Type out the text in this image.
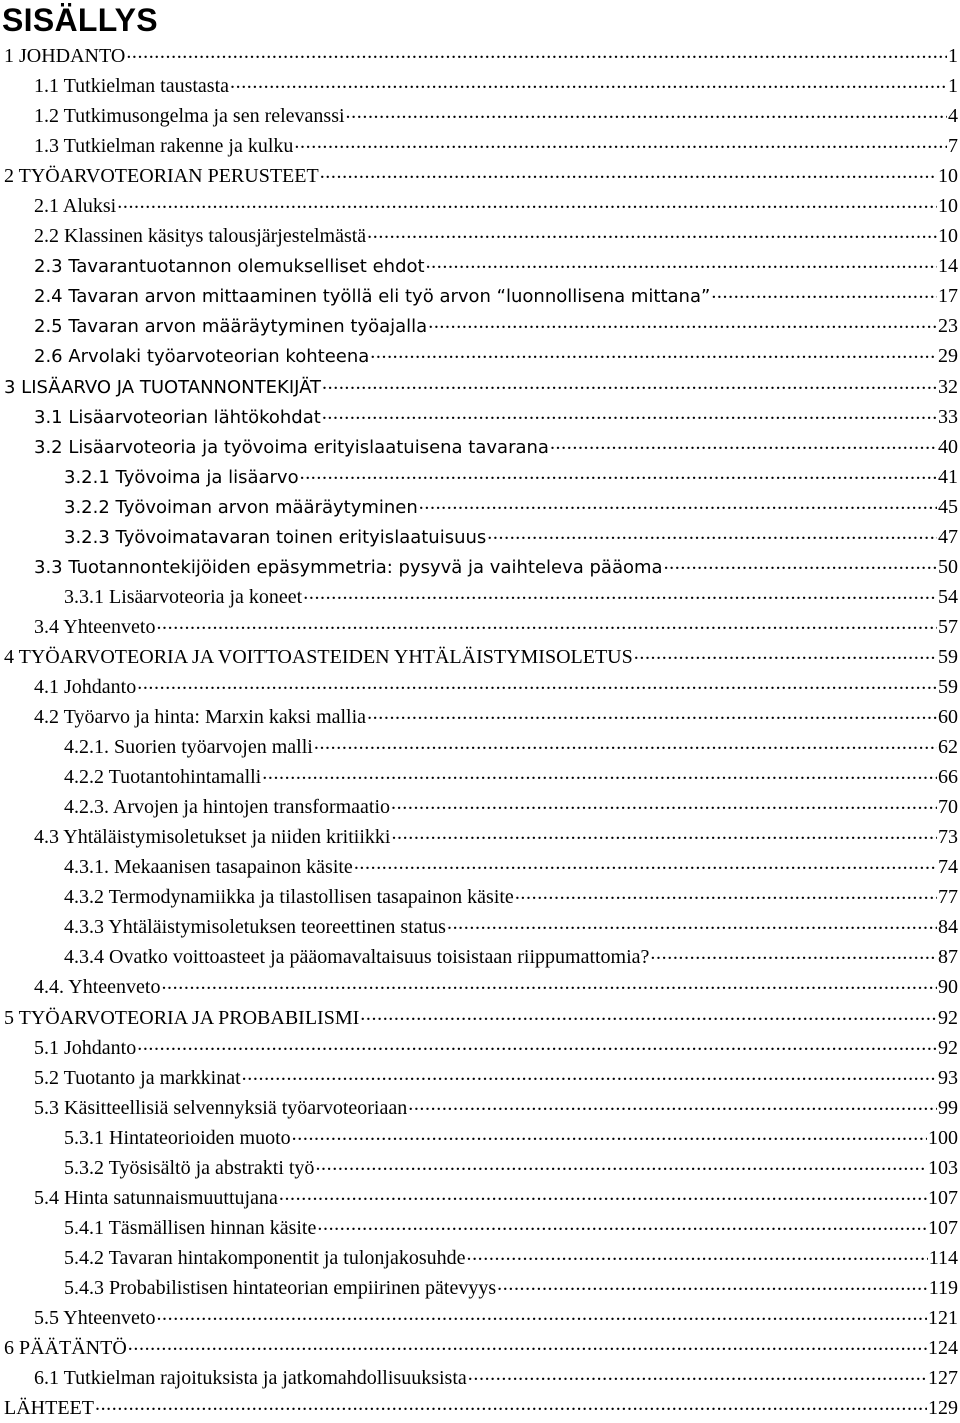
SISÄLLYS
1 JOHDANTO .....	1
1.1 Tutkielman taustasta .....	1
1.2 Tutkimusongelma ja sen relevanssi .....	4
1.3 Tutkielman rakenne ja kulku .....	7
2 TYÖARVOTEORIAN PERUSTEET .....	10
2.1 Aluksi .....	10
2.2 Klassinen käsitys talousjärjestelmästä .....	10
2.3 Tavarantuotannon olemukselliset ehdot .....	14
2.4 Tavaran arvon mittaaminen työllä eli työ arvon “luonnollisena mittana” .....	17
2.5 Tavaran arvon määräytyminen työajalla .....	23
2.6 Arvolaki työarvoteorian kohteena .....	29
3 LISÄARVO JA TUOTANNONTEKIJÄT .....	32
3.1 Lisäarvoteorian lähtökohdat .....	33
3.2 Lisäarvoteoria ja työvoima erityislaatuisena tavarana .....	40
3.2.1 Työvoima ja lisäarvo .....	41
3.2.2 Työvoiman arvon määräytyminen .....	45
3.2.3 Työvoimatavaran toinen erityislaatuisuus .....	47
3.3 Tuotannontekijöiden epäsymmetria: pysyvä ja vaihteleva pääoma .....	50
3.3.1 Lisäarvoteoria ja koneet .....	54
3.4 Yhteenveto .....	57
4 TYÖARVOTEORIA JA VOITTOASTEIDEN YHTÄLÄISTYMISOLETUS .....	59
4.1 Johdanto .....	59
4.2 Työarvo ja hinta: Marxin kaksi mallia .....	60
4.2.1. Suorien työarvojen malli .....	62
4.2.2 Tuotantohintamalli .....	66
4.2.3. Arvojen ja hintojen transformaatio .....	70
4.3 Yhtäläistymisoletukset ja niiden kritiikki .....	73
4.3.1. Mekaanisen tasapainon käsite .....	74
4.3.2 Termodynamiikka ja tilastollisen tasapainon käsite .....	77
4.3.3 Yhtäläistymisoletuksen teoreettinen status .....	84
4.3.4 Ovatko voittoasteet ja pääomavaltaisuus toisistaan riippumattomia? .....	87
4.4. Yhteenveto .....	90
5 TYÖARVOTEORIA JA PROBABILISMI .....	92
5.1 Johdanto .....	92
5.2 Tuotanto ja markkinat .....	93
5.3 Käsitteellisiä selvennyksiä työarvoteoriaan .....	99
5.3.1 Hintateorioiden muoto .....	100
5.3.2 Työsisältö ja abstrakti työ .....	103
5.4 Hinta satunnaismuuttujana .....	107
5.4.1 Täsmällisen hinnan käsite .....	107
5.4.2 Tavaran hintakomponentit ja tulonjakosuhde .....	114
5.4.3 Probabilistisen hintateorian empiirinen pätevyys .....	119
5.5 Yhteenveto .....	121
6 PÄÄTÄNTÖ .....	124
6.1 Tutkielman rajoituksista ja jatkomahdollisuuksista .....	127
LÄHTEET .....	129
